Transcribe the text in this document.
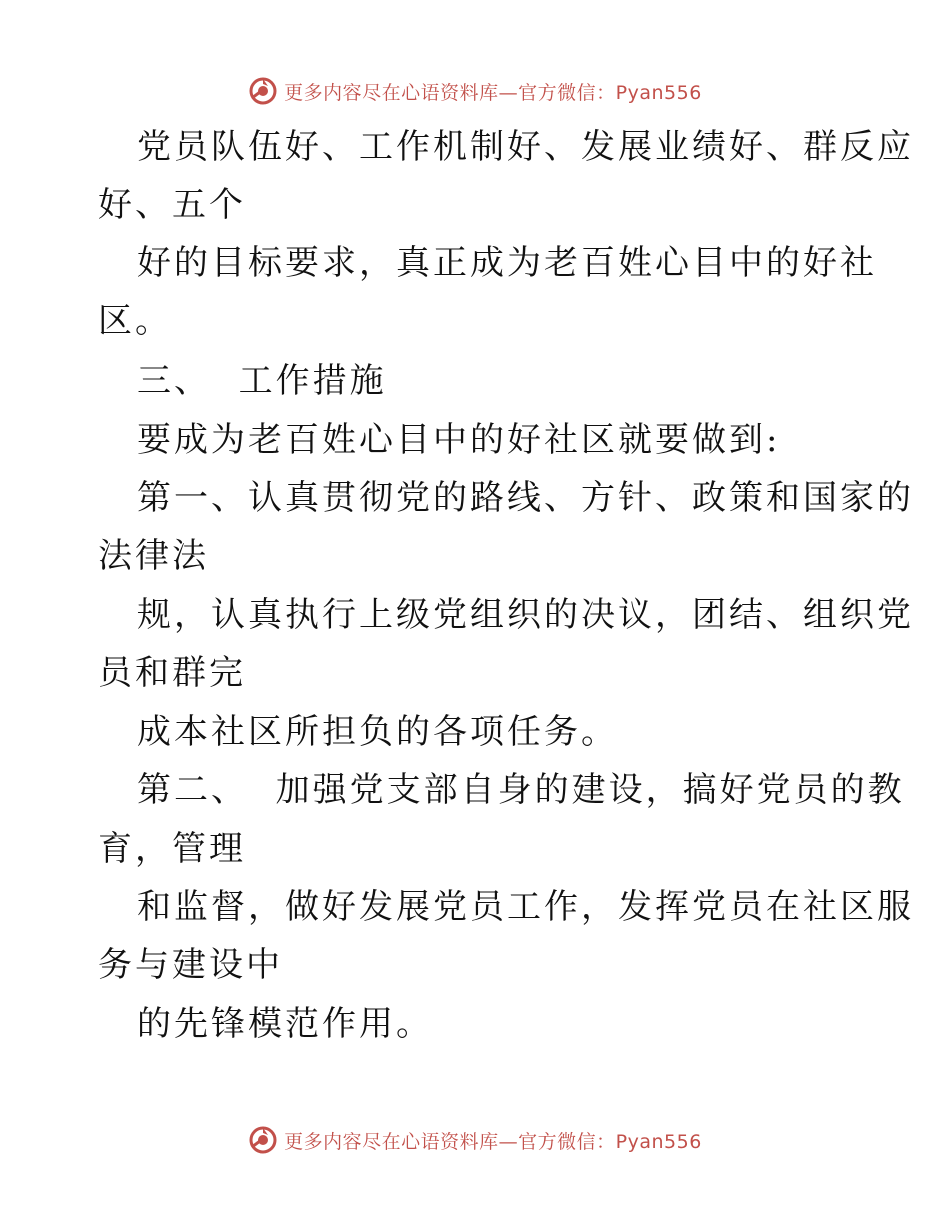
更多内容尽在心语资料库—官方微信：Pyan556
党员队伍好、工作机制好、发展业绩好、群反应
好、五个
好的目标要求，真正成为老百姓心目中的好社
区。
三、  工作措施
要成为老百姓心目中的好社区就要做到:
第一、认真贯彻党的路线、方针、政策和国家的
法律法
规，认真执行上级党组织的决议，团结、组织党
员和群完
成本社区所担负的各项任务。
第二、  加强党支部自身的建设，搞好党员的教
育，管理
和监督，做好发展党员工作，发挥党员在社区服
务与建设中
的先锋模范作用。
更多内容尽在心语资料库—官方微信：Pyan556
